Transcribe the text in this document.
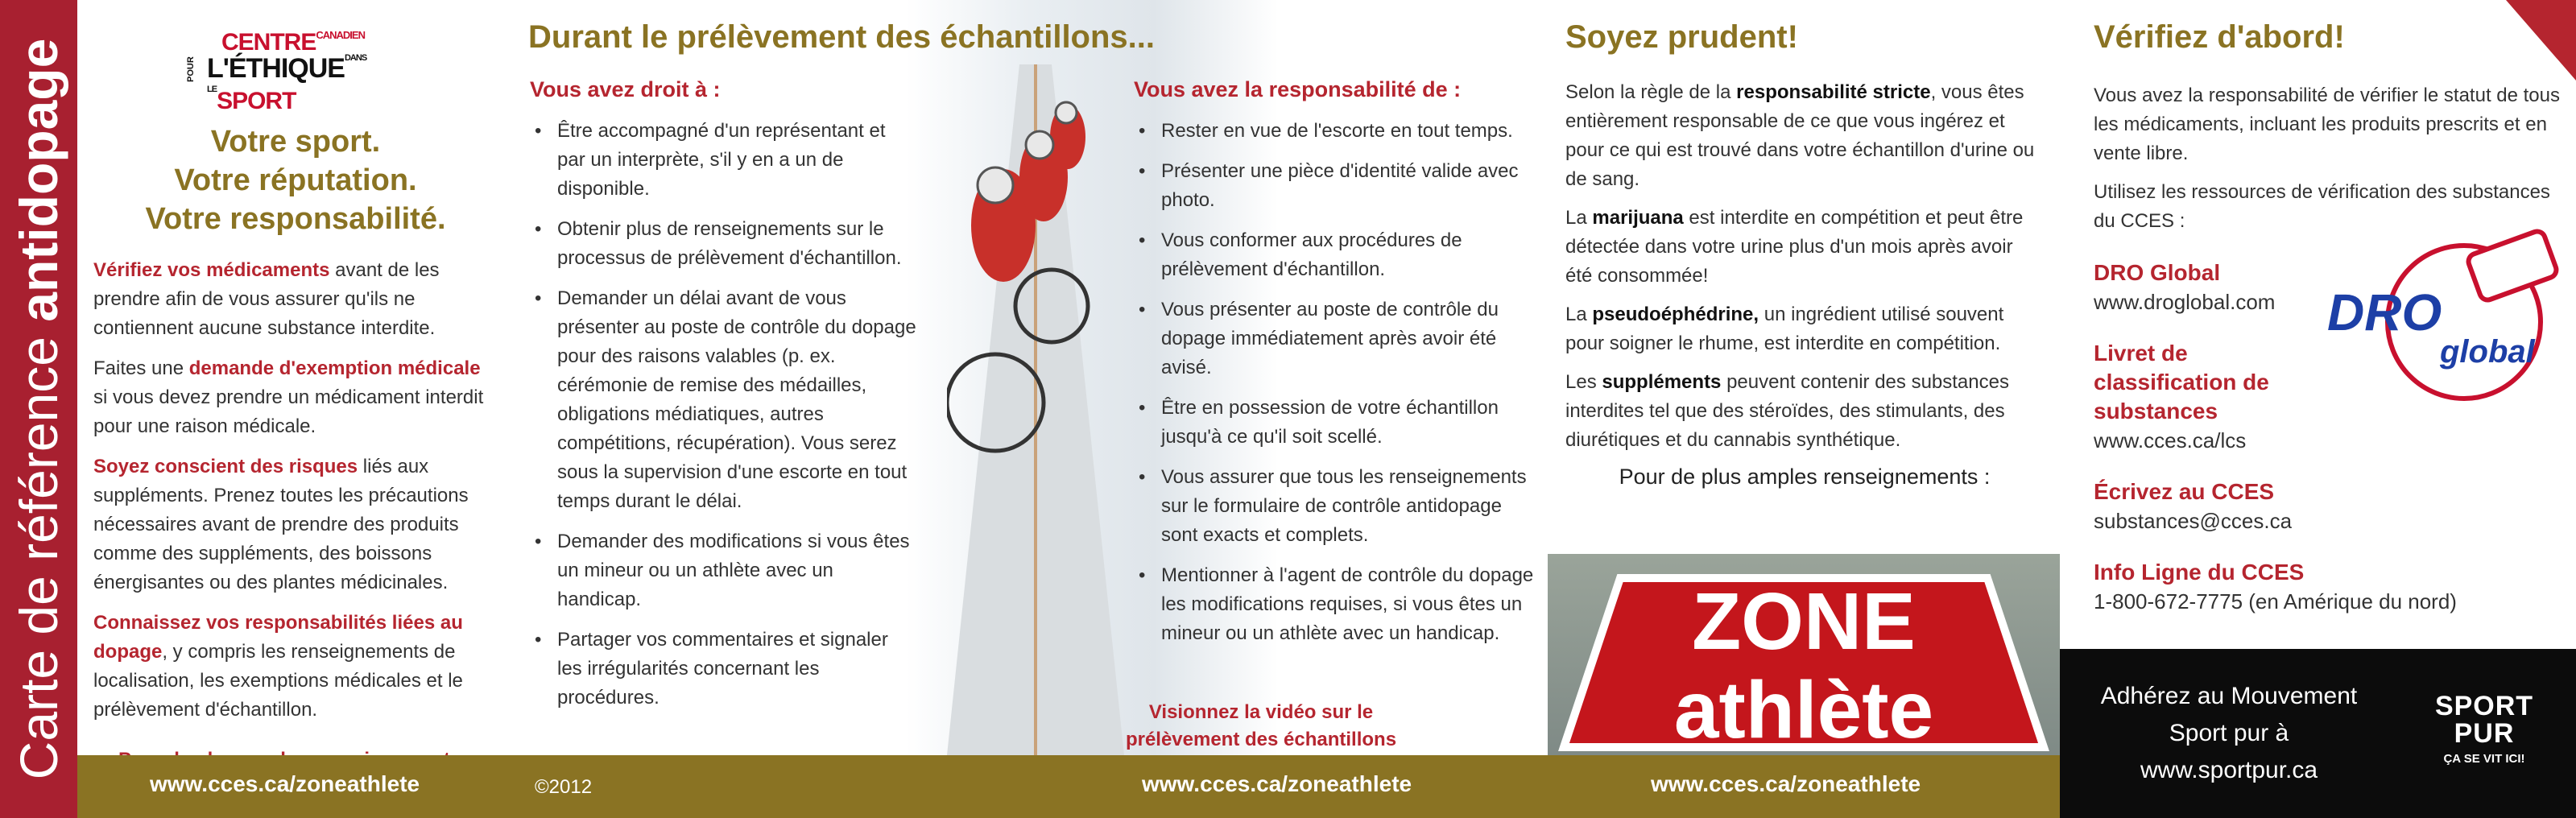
Carte de référence antidopage	$CENTRE^{CANADIEN}$
POUR $L'ÉTHIQUE^{DANS LE}SPORT$
Votre sport.
Votre réputation.
Votre responsabilité.

Vérifiez vos médicaments avant de les prendre afin de vous assurer qu'ils ne contiennent aucune substance interdite.

Faites une demande d'exemption médicale si vous devez prendre un médicament interdit pour une raison médicale.

Soyez conscient des risques liés aux suppléments. Prenez toutes les précautions nécessaires avant de prendre des produits comme des suppléments, des boissons énergisantes ou des plantes médicinales.

Connaissez vos responsabilités liées au dopage, y compris les renseignements de localisation, les exemptions médicales et le prélèvement d'échantillon.

Durant le prélèvement des échantillons...
Vous avez droit à :
• Être accompagné d'un représentant et par un interprète, s'il y en a un de disponible.
• Obtenir plus de renseignements sur le processus de prélèvement d'échantillon.
• Demander un délai avant de vous présenter au poste de contrôle du dopage pour des raisons valables (p. ex. cérémonie de remise des médailles, obligations médiatiques, autres compétitions, récupération). Vous serez sous la supervision d'une escorte en tout temps durant le délai.
• Demander des modifications si vous êtes un mineur ou un athlète avec un handicap.
• Partager vos commentaires et signaler les irrégularités concernant les procédures.
Vous avez la responsabilité de :
• Rester en vue de l'escorte en tout temps.
• Présenter une pièce d'identité valide avec photo.
• Vous conformer aux procédures de prélèvement d'échantillon.
• Vous présenter au poste de contrôle du dopage immédiatement après avoir été avisé.
• Être en possession de votre échantillon jusqu'à ce qu'il soit scellé.
• Vous assurer que tous les renseignements sur le formulaire de contrôle antidopage sont exacts et complets.
• Mentionner à l'agent de contrôle du dopage les modifications requises, si vous êtes un mineur ou un athlète avec un handicap.
Visionnez la vidéo sur le prélèvement des échantillons
Soyez prudent!

Selon la règle de la responsabilité stricte, vous êtes entièrement responsable de ce que vous ingérez et pour ce qui est trouvé dans votre échantillon d'urine ou de sang.

La marijuana est interdite en compétition et peut être détectée dans votre urine plus d'un mois après avoir été consommée!

La pseudoéphédrine, un ingrédient utilisé souvent pour soigner le rhume, est interdite en compétition.

Les suppléments peuvent contenir des substances interdites tel que des stéroïdes, des stimulants, des diurétiques et du cannabis synthétique.

Pour de plus amples renseignements :
ZONE
athlète
Vérifiez d'abord!

Vous avez la responsabilité de vérifier le statut de tous les médicaments, incluant les produits prescrits et en vente libre.

Utilisez les ressources de vérification des substances du CCES :

DRO Global
www.droglobal.com
Livret de classification de substances
www.cces.ca/lcs
Écrivez au CCES
substances@cces.ca
Info Ligne du CCES
1-800-672-7775 (en Amérique du nord)
DRO
global
Adhérez au Mouvement Sport pur à www.sportpur.ca
SPORT
PUR
ÇA SE VIT ICI!
www.cces.ca/zoneathlete	©2012	www.cces.ca/zoneathlete	www.cces.ca/zoneathlete
